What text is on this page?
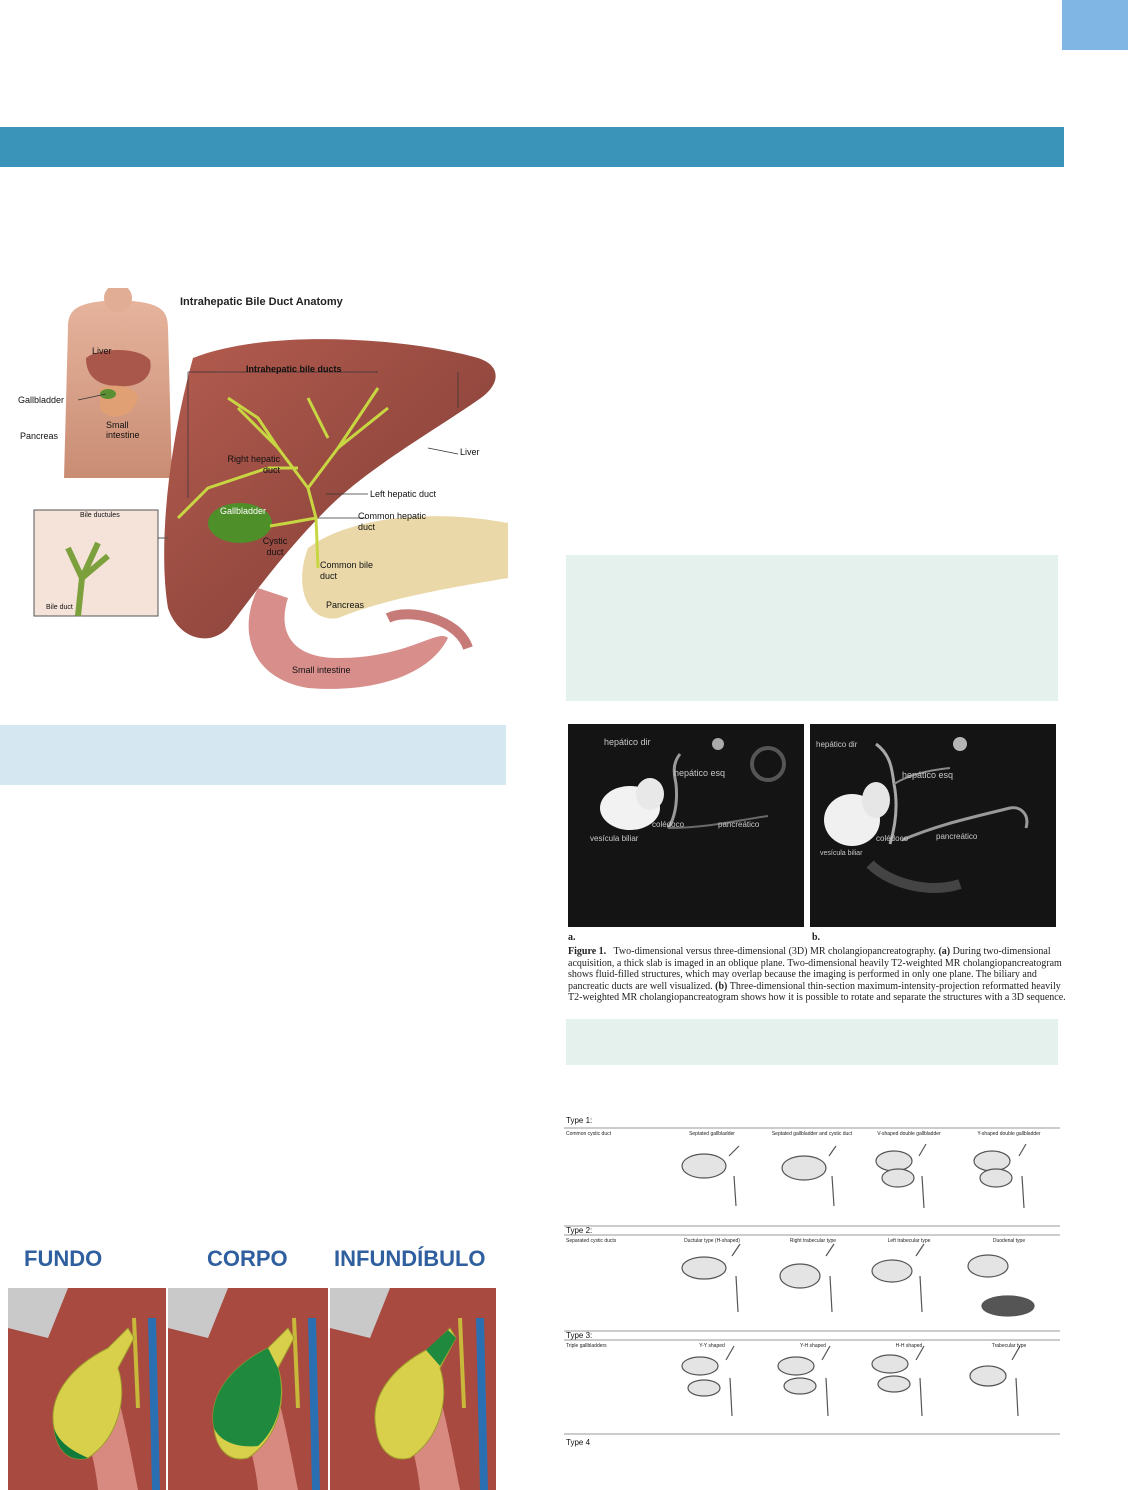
Intrahepatic Bile Duct Anatomy
Liver
Gallbladder
Pancreas
Small intestine
Intrahepatic bile ducts
Liver
Right hepatic duct
Left hepatic duct
Gallbladder	Common hepatic duct
Cystic duct
Common bile duct
Pancreas
Small intestine
Bile ductules
Bile duct
hepático dir
hepático esq
colédoco	pancreático
vesícula biliar
hepático dir
hepático esq
colédoco	pancreático
vesícula biliar
a.	b.

Figure 1. Two-dimensional versus three-dimensional (3D) MR cholangiopancreatography. (a) During two-dimensional acquisition, a thick slab is imaged in an oblique plane. Two-dimensional heavily T2-weighted MR cholangiopancreatogram shows fluid-filled structures, which may overlap because the imaging is performed in only one plane. The biliary and pancreatic ducts are well visualized. (b) Three-dimensional thin-section maximum-intensity-projection reformatted heavily T2-weighted MR cholangiopancreatogram shows how it is possible to rotate and separate the structures with a 3D sequence.

Type 1:
Common cystic duct
Type 2:
Separated cystic ducts
Type 3:
Triple gallbladders
Type 4
Septated gallbladder	Septated gallbladder and cystic duct	V-shaped double gallbladder	Y-shaped double gallbladder
Ductular type (H-shaped)	Right trabecular type	Left trabecular type	Duodenal type
Y-Y shaped	Y-H shaped	H-H shaped	Trabecular type
FUNDO	CORPO INFUNDÍBULO
